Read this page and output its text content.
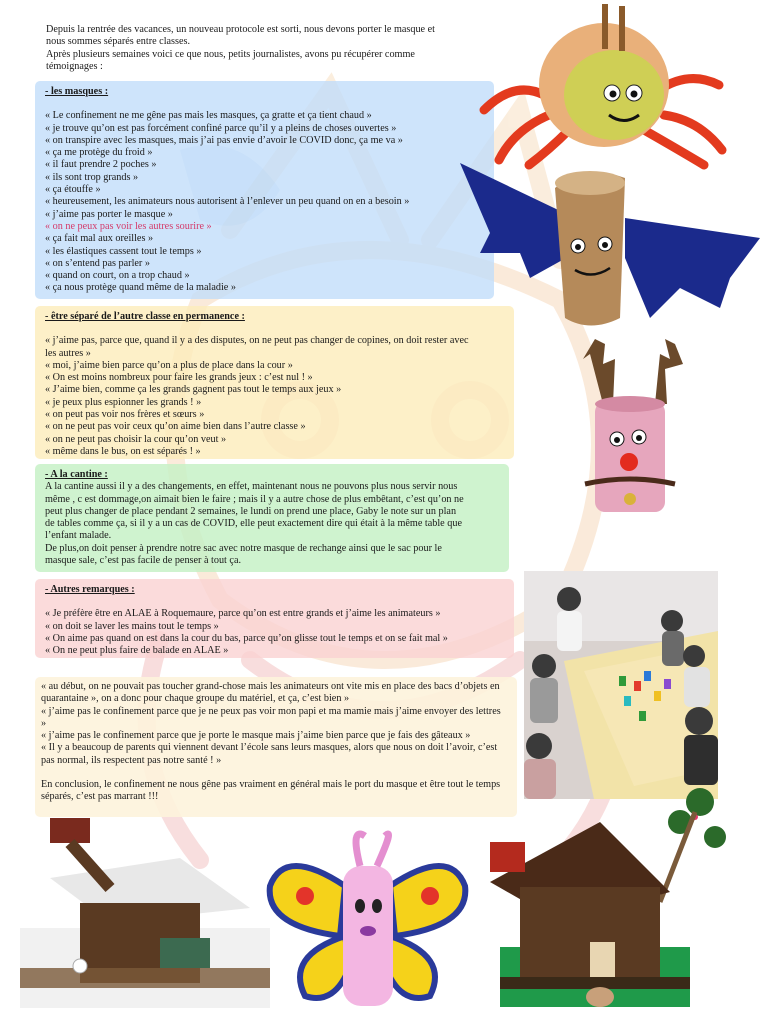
Depuis la rentrée des vacances, un nouveau protocole est sorti, nous devons porter le masque et
nous sommes séparés entre classes.
Après plusieurs semaines voici ce que nous, petits journalistes, avons pu récupérer comme
témoignages :

- les masques :

« Le confinement ne me gêne pas mais les masques, ça gratte et ça tient chaud »

« je trouve qu’on est pas forcément confiné parce qu’il y a pleins de choses ouvertes »

« on transpire avec les masques, mais j’ai pas envie d’avoir le COVID donc, ça me va »

« ça me protège du froid »

« il faut prendre 2 poches »

« ils sont trop grands »

« ça étouffe »

« heureusement, les animateurs nous autorisent à l’enlever un peu quand on en a besoin »

« j’aime pas porter le masque »

« on ne peux pas voir les autres sourire »

« ça fait mal aux oreilles »

« les élastiques cassent tout le temps »

« on s’entend pas parler »

« quand on court, on a trop chaud »

« ça nous protège quand même de la maladie »

- être séparé de l’autre classe en permanence :

« j’aime pas, parce que, quand il y a des disputes, on ne peut pas changer de copines, on doit rester avec les autres »

« moi, j’aime bien parce qu’on a plus de place dans la cour »

« On est moins nombreux pour faire les grands jeux : c’est nul ! »

« J’aime bien, comme ça les grands gagnent pas tout le temps aux jeux »

« je peux plus espionner les grands ! »

« on peut pas voir nos frères et sœurs »

« on ne peut pas voir ceux qu’on aime bien dans l’autre classe »

« on ne peut pas choisir la cour qu’on veut »

« même dans le bus, on est séparés ! »

- A la cantine :

A la cantine aussi il y a des changements, en effet, maintenant nous ne pouvons plus nous servir nous même , c est dommage,on aimait bien le faire ; mais il y a autre chose de plus embêtant, c’est qu’on ne peut plus changer de place pendant 2 semaines, le lundi on prend une place, Gaby le note sur un plan de tables comme ça, si il y a un cas de COVID, elle peut exactement dire qui était à la même table que l’enfant malade.

De plus,on doit penser à prendre notre sac avec notre masque de rechange ainsi que le sac pour le masque sale, c’est pas facile de penser à tout ça.

- Autres remarques :

« Je préfère être en ALAE à Roquemaure, parce qu’on est entre grands et j’aime les animateurs »

« on doit se laver les mains tout le temps »

« On aime pas quand on est dans la cour du bas, parce qu’on glisse tout le temps et on se fait mal »

« On ne peut plus faire de balade en ALAE »

« au début, on ne pouvait pas toucher grand-chose mais les animateurs ont vite mis en place des bacs d’objets en quarantaine », on a donc pour chaque groupe du matériel, et ça, c’est bien »

« j’aime pas le confinement parce que je ne peux pas voir mon papi et ma mamie mais j’aime envoyer des lettres »

« j’aime pas le confinement parce que je porte le masque mais j’aime bien parce que je fais des gâteaux »

« Il y a beaucoup de parents qui viennent devant l’école sans leurs masques, alors que nous on doit l’avoir, c’est pas normal, ils respectent pas notre santé ! »

En conclusion, le confinement ne nous gêne pas vraiment en général mais le port du masque et être tout le temps séparés, c’est pas marrant !!!
